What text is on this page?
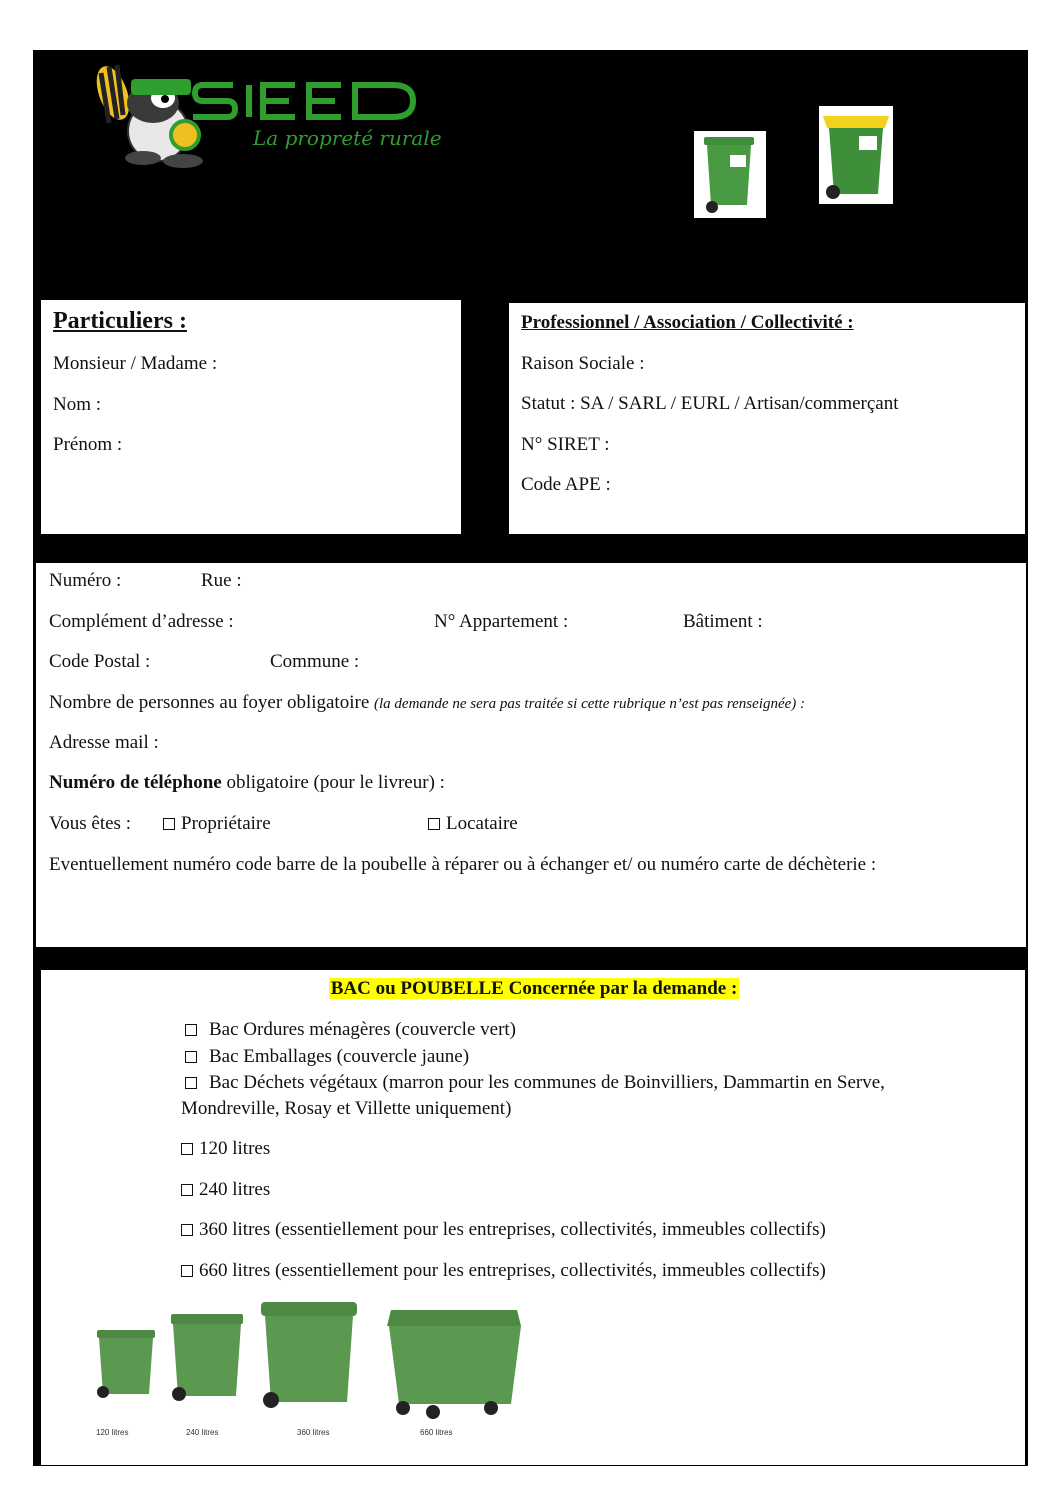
La propreté rurale
Particuliers :
Monsieur / Madame :
Nom :
Prénom :
Professionnel / Association / Collectivité :
Raison Sociale :
Statut : SA / SARL / EURL / Artisan/commerçant
N° SIRET :
Code APE :
Numéro :	Rue :
Complément d’adresse :	N° Appartement :	Bâtiment :
Code Postal :	Commune :
Nombre de personnes au foyer obligatoire (la demande ne sera pas traitée si cette rubrique n’est pas renseignée) :
Adresse mail :
Numéro de téléphone obligatoire (pour le livreur) :
Vous êtes :	Propriétaire	Locataire
Eventuellement numéro code barre de la poubelle à réparer ou à échanger et/ ou numéro carte de déchèterie :
BAC ou POUBELLE Concernée par la demande :
Bac Ordures ménagères (couvercle vert)
Bac Emballages (couvercle jaune)
Bac Déchets végétaux (marron pour les communes de Boinvilliers, Dammartin en Serve,
Mondreville, Rosay et Villette uniquement)
120 litres
240 litres
360 litres (essentiellement pour les entreprises, collectivités, immeubles collectifs)
660 litres (essentiellement pour les entreprises, collectivités, immeubles collectifs)
120 litres	240 litres	360 litres	660 litres
